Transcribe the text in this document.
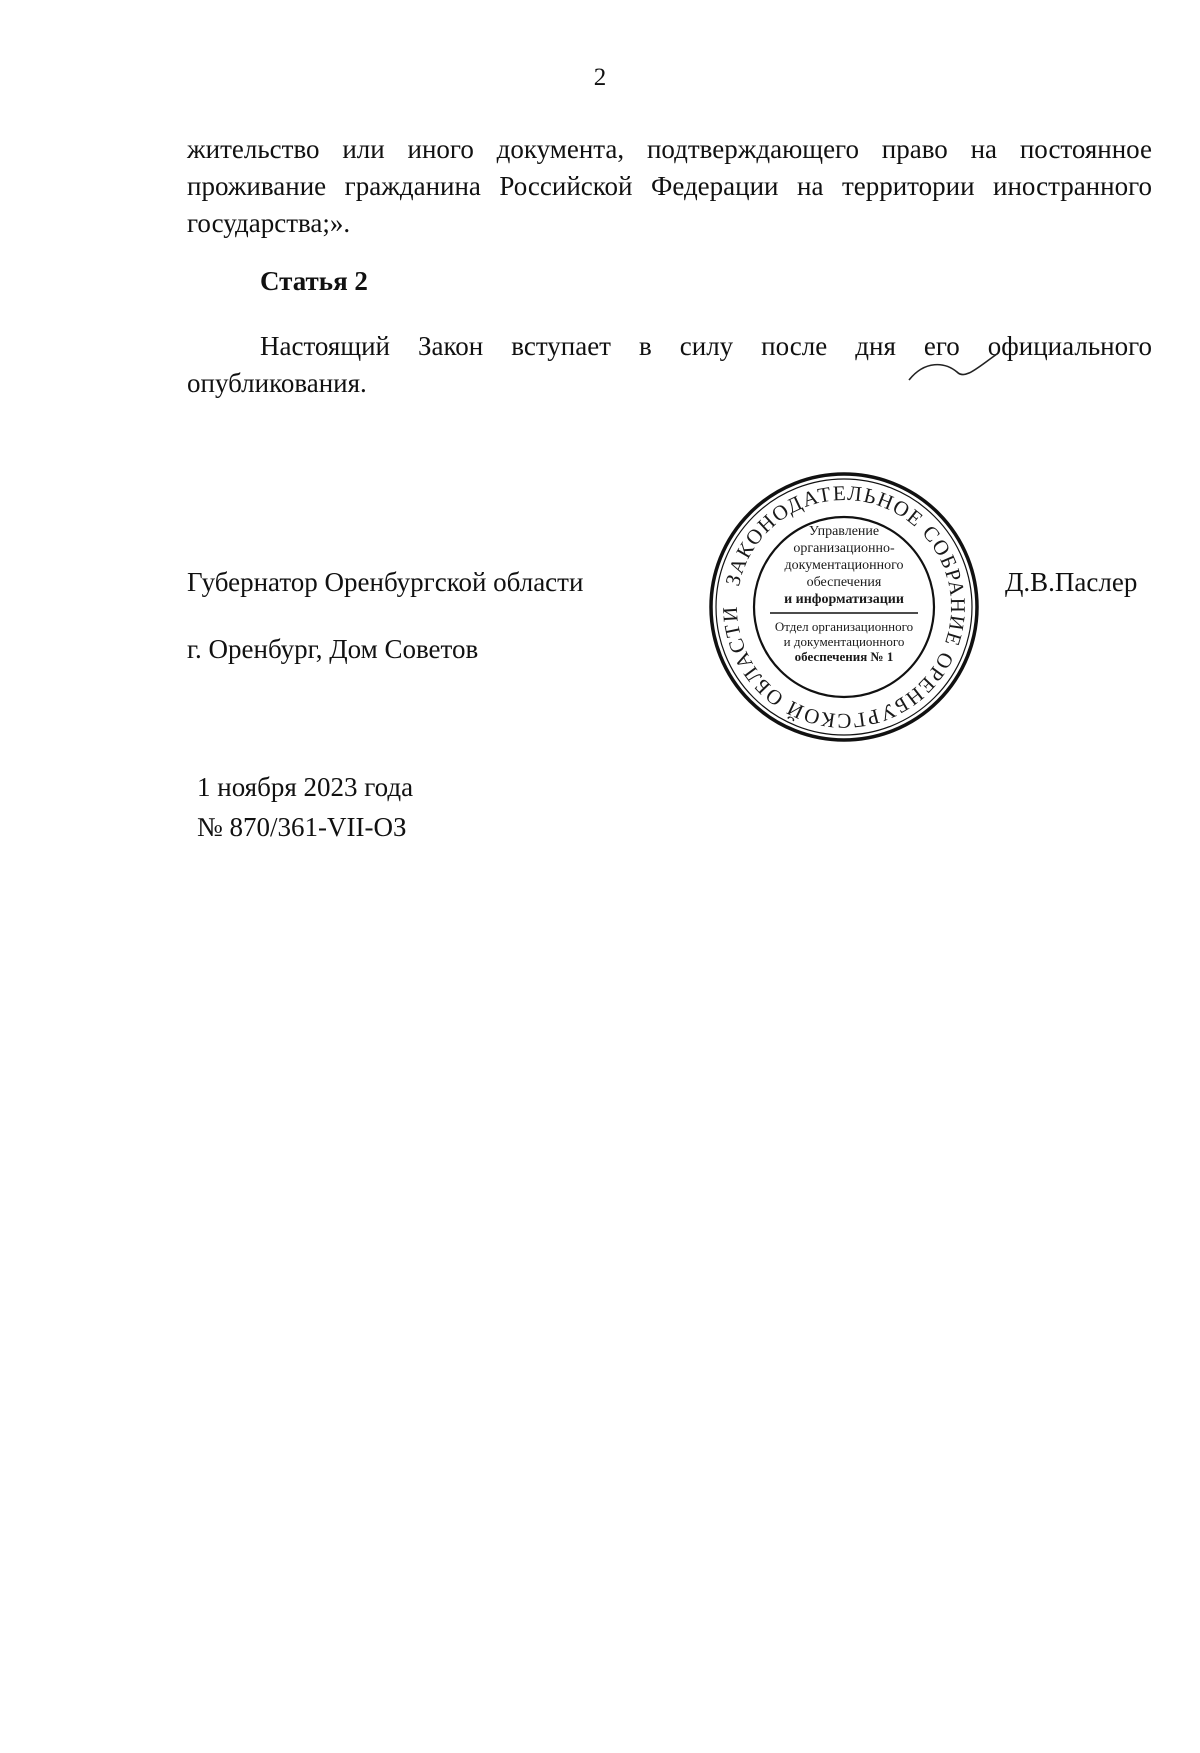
2
жительство или иного документа, подтверждающего право на постоянное проживание гражданина Российской Федерации на территории иностранного государства;».
Статья 2
Настоящий Закон вступает в силу после дня его официального опубликования.
Губернатор Оренбургской области	Д.В.Паслер
г. Оренбург, Дом Советов
1 ноября 2023 года
№ 870/361-VII-ОЗ
ЗАКОНОДАТЕЛЬНОЕ СОБРАНИЕ ОРЕНБУРГСКОЙ ОБЛАСТИ
Управление
организационно-
документационного
обеспечения
и информатизации
Отдел организационного
и документационного
обеспечения № 1
